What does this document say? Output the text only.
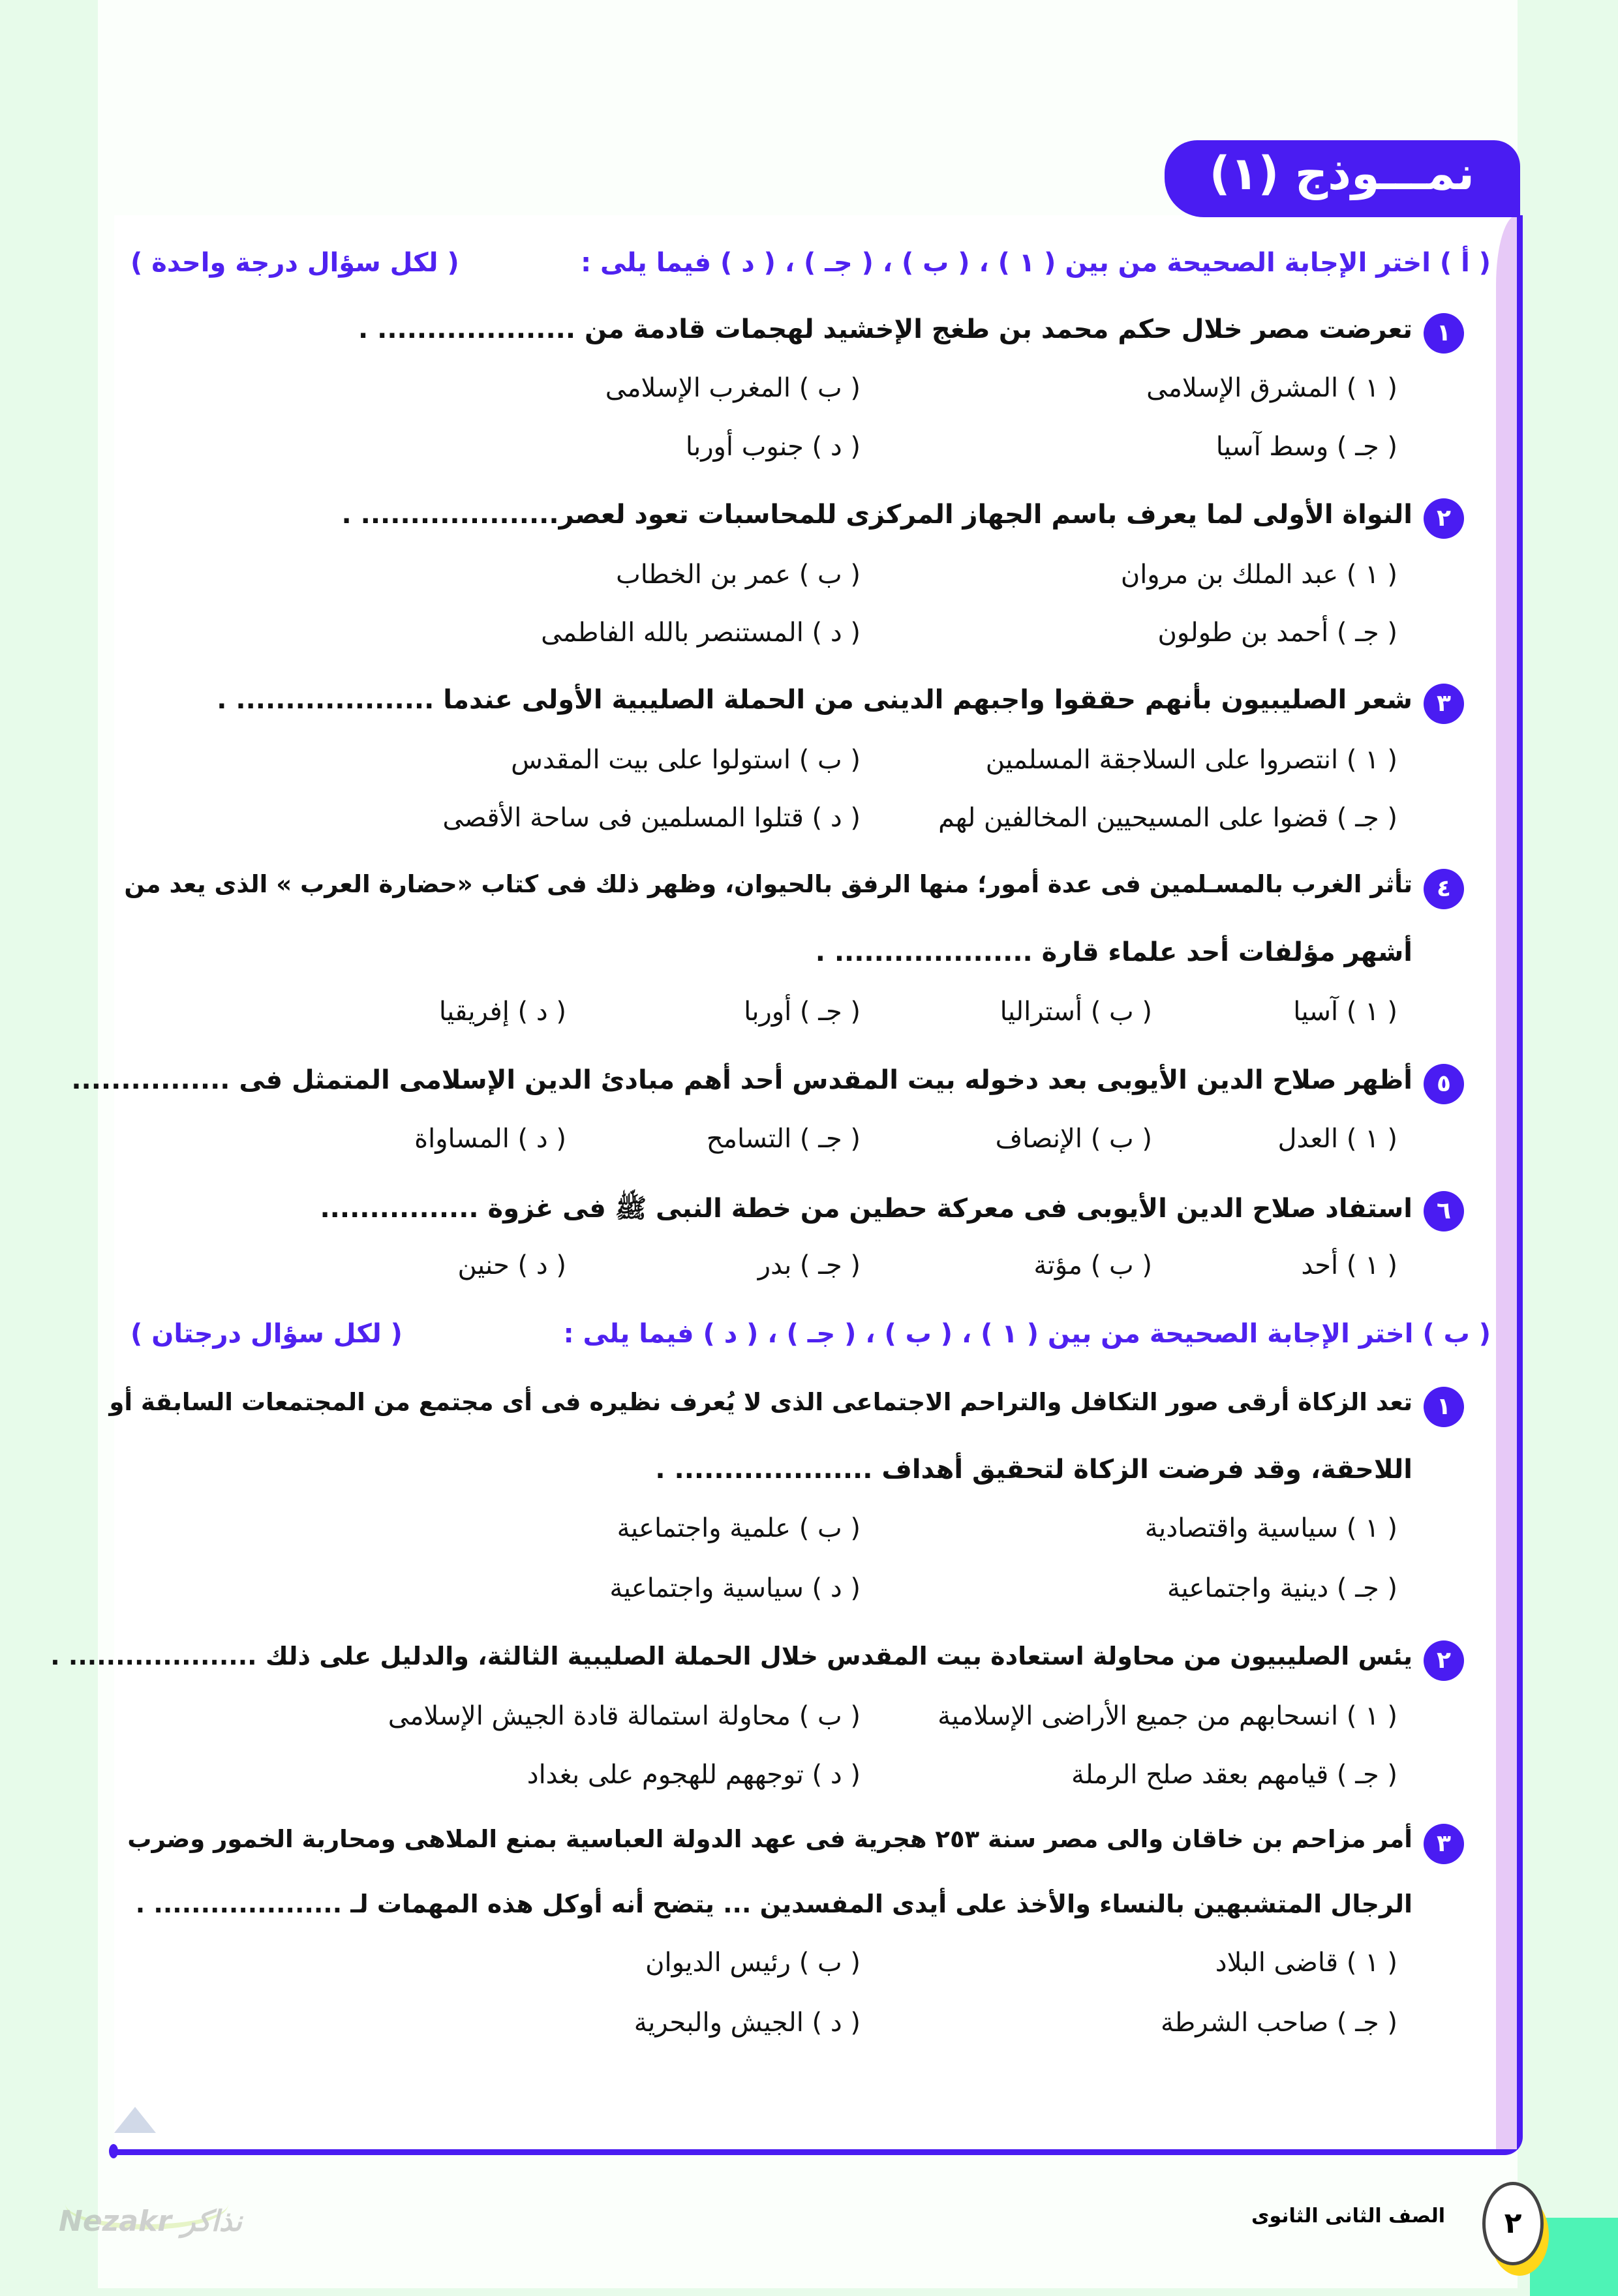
نمـــوذج (١)
( أ ) اختر الإجابة الصحيحة من بين ( ١ ) ، ( ب ) ، ( جـ ) ، ( د ) فيما يلى :
( لكل سؤال درجة واحدة )
١
تعرضت مصر خلال حكم محمد بن طغج الإخشيد لهجمات قادمة من .................... .
( ١ ) المشرق الإسلامى
( ب ) المغرب الإسلامى
( جـ ) وسط آسيا
( د ) جنوب أوربا
٢
النواة الأولى لما يعرف باسم الجهاز المركزى للمحاسبات تعود لعصر.................... .
( ١ ) عبد الملك بن مروان
( ب ) عمر بن الخطاب
( جـ ) أحمد بن طولون
( د ) المستنصر بالله الفاطمى
٣
شعر الصليبيون بأنهم حققوا واجبهم الدينى من الحملة الصليبية الأولى عندما .................... .
( ١ ) انتصروا على السلاجقة المسلمين
( ب ) استولوا على بيت المقدس
( جـ ) قضوا على المسيحيين المخالفين لهم
( د ) قتلوا المسلمين فى ساحة الأقصى
٤
تأثر الغرب بالمسـلمين فى عدة أمور؛ منها الرفق بالحيوان، وظهر ذلك فى كتاب «حضارة العرب » الذى يعد من
أشهر مؤلفات أحد علماء قارة .................... .
( ١ ) آسيا
( ب ) أستراليا
( جـ ) أوربا
( د ) إفريقيا
٥
أظهر صلاح الدين الأيوبى بعد دخوله بيت المقدس أحد أهم مبادئ الدين الإسلامى المتمثل فى ................
( ١ ) العدل
( ب ) الإنصاف
( جـ ) التسامح
( د ) المساواة
٦
استفاد صلاح الدين الأيوبى فى معركة حطين من خطة النبى ﷺ فى غزوة ................
( ١ ) أحد
( ب ) مؤتة
( جـ ) بدر
( د ) حنين
( ب ) اختر الإجابة الصحيحة من بين ( ١ ) ، ( ب ) ، ( جـ ) ، ( د ) فيما يلى :
( لكل سؤال درجتان )
١
تعد الزكاة أرقى صور التكافل والتراحم الاجتماعى الذى لا يُعرف نظيره فى أى مجتمع من المجتمعات السابقة أو
اللاحقة، وقد فرضت الزكاة لتحقيق أهداف .................... .
( ١ ) سياسية واقتصادية
( ب ) علمية واجتماعية
( جـ ) دينية واجتماعية
( د ) سياسية واجتماعية
٢
يئس الصليبيون من محاولة استعادة بيت المقدس خلال الحملة الصليبية الثالثة، والدليل على ذلك .................... .
( ١ ) انسحابهم من جميع الأراضى الإسلامية
( ب ) محاولة استمالة قادة الجيش الإسلامى
( جـ ) قيامهم بعقد صلح الرملة
( د ) توجههم للهجوم على بغداد
٣
أمر مزاحم بن خاقان والى مصر سنة ٢٥٣ هجرية فى عهد الدولة العباسية بمنع الملاهى ومحاربة الخمور وضرب
الرجال المتشبهين بالنساء والأخذ على أيدى المفسدين ... يتضح أنه أوكل هذه المهمات لـ .................... .
( ١ ) قاضى البلاد
( ب ) رئيس الديوان
( جـ ) صاحب الشرطة
( د ) الجيش والبحرية
Nezakr نذاكر	٢
الصف الثانى الثانوى
